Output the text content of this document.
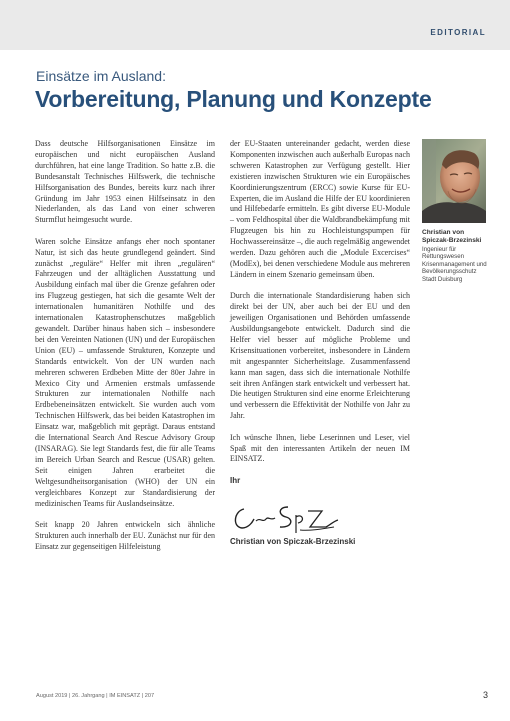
EDITORIAL
Einsätze im Ausland:
Vorbereitung, Planung und Konzepte

Dass deutsche Hilfsorganisationen Einsätze im europäischen und nicht europäischen Ausland durchführen, hat eine lange Tradition. So hatte z.B. die Bundesanstalt Technisches Hilfswerk, die technische Hilfsorganisation des Bundes, bereits kurz nach ihrer Gründung im Jahr 1953 einen Hilfseinsatz in den Niederlanden, als das Land von einer schweren Sturmflut heimgesucht wurde.

Waren solche Einsätze anfangs eher noch spontaner Natur, ist sich das heute grundlegend geändert. Sind zunächst „reguläre“ Helfer mit ihren „regulären“ Fahrzeugen und der alltäglichen Ausstattung und Ausbildung einfach mal über die Grenze gefahren oder ins Flugzeug gestiegen, hat sich die gesamte Welt der internationalen humanitären Nothilfe und des internationalen Katastrophenschutzes maßgeblich gewandelt. Darüber hinaus haben sich – insbesondere bei den Vereinten Nationen (UN) und der Europäischen Union (EU) – umfassende Strukturen, Konzepte und Standards entwickelt. Von der UN wurden nach mehreren schweren Erdbeben Mitte der 80er Jahre in Mexico City und Armenien erstmals umfassende Strukturen zur internationalen Nothilfe nach Erdbebeneinsätzen entwickelt. Sie wurden auch vom Technischen Hilfswerk, das bei beiden Katastrophen im Einsatz war, maßgeblich mit geprägt. Daraus entstand die International Search And Rescue Advisory Group (INSARAG). Sie legt Standards fest, die für alle Teams im Bereich Urban Search and Rescue (USAR) gelten. Seit einigen Jahren erarbeitet die Weltgesundheitsorganisation (WHO) der UN ein vergleichbares Konzept zur Standardisierung der medizinischen Teams für Auslandseinsätze.

Seit knapp 20 Jahren entwickeln sich ähnliche Strukturen auch innerhalb der EU. Zunächst nur für den Einsatz zur gegenseitigen Hilfeleistung

der EU-Staaten untereinander gedacht, werden diese Komponenten inzwischen auch außerhalb Europas nach schweren Katastrophen zur Verfügung gestellt. Hier existieren inzwischen Strukturen wie ein Europäisches Koordinierungszentrum (ERCC) sowie Kurse für EU-Experten, die im Ausland die Hilfe der EU koordinieren und Hilfebedarfe ermitteln. Es gibt diverse EU-Module – vom Feldhospital über die Waldbrandbekämpfung mit Flugzeugen bis hin zu Hochleistungspumpen für Hochwassereinsätze –, die auch regelmäßig angewendet werden. Dazu gehören auch die „Module Excercises“ (ModEx), bei denen verschiedene Module aus mehreren Ländern in einem Szenario gemeinsam üben.

Durch die internationale Standardisierung haben sich direkt bei der UN, aber auch bei der EU und den jeweiligen Organisationen und Behörden umfassende Ausbildungsangebote entwickelt. Dadurch sind die Helfer viel besser auf mögliche Probleme und Krisensituationen vorbereitet, insbesondere in Ländern mit angespannter Sicherheitslage. Zusammenfassend kann man sagen, dass sich die internationale Nothilfe seit ihren Anfängen stark entwickelt und verbessert hat. Die heutigen Strukturen sind eine enorme Erleichterung und verbessern die Effektivität der Nothilfe von Jahr zu Jahr.

Ich wünsche Ihnen, liebe Leserinnen und Leser, viel Spaß mit den interessanten Artikeln der neuen IM EINSATZ.

Ihr

Christian von Spiczak-Brzezinski

Christian von
Spiczak-Brzezinski

Ingenieur für
Rettungswesen
Krisenmanagement und
Bevölkerungsschutz
Stadt Duisburg

August 2019 | 26. Jahrgang | IM EINSATZ | 207	3
